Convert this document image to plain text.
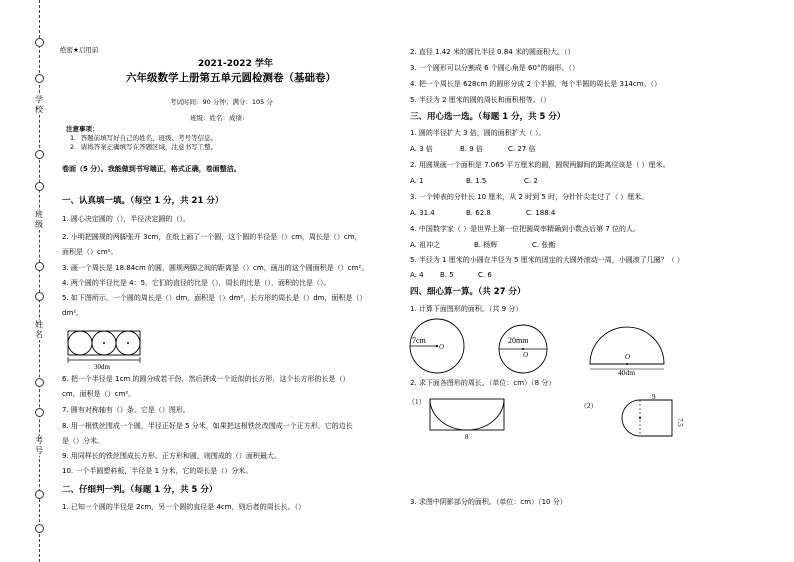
学校
班级
姓名
考号
绝密★启用前
2021-2022 学年
六年级数学上册第五单元圆检测卷（基础卷）
考试时间：90 分钟；满分：105 分
班级：姓名：成绩：
注意事项：
1．答题前填写好自己的姓名、班级、考号等信息。
2．请将答案正确填写在答题区域，注意书写工整。
卷面（5 分）。我能做到书写端正，格式正确，卷面整洁。
一、认真填一填。（每空 1 分，共 21 分）
1. 圆心决定圆的（），半径决定圆的（）。
2. 小明把圆规的两脚张开 3cm，在纸上画了一个圆，这个圆的半径是（）cm，周长是（）cm，
面积是（）cm²。
3. 画一个周长是 18.84cm 的圆，圆规两脚之间的距离是（）cm，画出的这个圆面积是（）cm²。
4. 两个圆的半径比是 4：5，它们的直径的比是（），周长的比是（），面积的比是（）。
5. 如下图所示，一个圆的周长是（）dm，面积是（）dm²，长方形的周长是（）dm，面积是（）
dm²。
30dm
6. 把一个半径是 1cm 的圆分成若干份，然后拼成一个近似的长方形，这个长方形的长是（）
cm，面积是（）cm²。
7. 圆有对称轴有（）条，它是（）图形。
8. 用一根铁丝围成一个圆，半径正好是 5 分米，如果把这根铁丝改围成一个正方形，它的边长
是（）分米。
9. 用同样长的铁丝围成长方形、正方形和圆，则围成的（）面积最大。
10. 一个半圆塑料板，半径是 1 分米，它的周长是（）分米。
二、仔细判一判。（每题 1 分，共 5 分）
1. 已知一个圆的半径是 2cm，另一个圆的直径是 4cm，则后者的周长长。（）
2. 直径 1.42 米的圆比半径 0.84 米的圆面积大。（）
3. 一个圆形可以分割成 6 个圆心角是 60°的扇形。（）
4. 把一个周长是 628cm 的圆形分成 2 个半圆，每个半圆的周长是 314cm。（）
5. 半径为 2 厘米的圆的周长和面积相等。（）
三、用心选一选。（每题 1 分，共 5 分）
1. 圆的半径扩大 3 倍，圆的面积扩大（ ）。
A. 3 倍	B. 9 倍	C. 27 倍
2. 用圆规画一个面积是 7.065 平方厘米的圆，圆规两脚间的距离应该是（ ）厘米。
A. 1	B. 1.5	C. 2
3. 一个钟表的分针长 10 厘米，从 2 时到 5 时，分针针尖走过了（ ）厘米。
A. 31.4	B. 62.8	C. 188.4
4. 中国数学家（ ）是世界上第一位把圆周率精确到小数点后第 7 位的人。
A. 祖冲之	B. 杨辉	C. 张衡
5. 半径为 1 厘米的小圆在半径为 5 厘米的固定的大圆外滚动一周，小圆滚了几圈？（ ）
A. 4 B. 5	C. 6
四、细心算一算。（共 27 分）
1. 计算下面图形的面积。（共 9 分）
7cm
O
20mm
O	O
40dm
2. 求下面各图形的周长。（单位：cm）（8 分）
（1）
8
（2）
9
7.5
3. 求图中阴影部分的面积。（单位：cm）（10 分）
